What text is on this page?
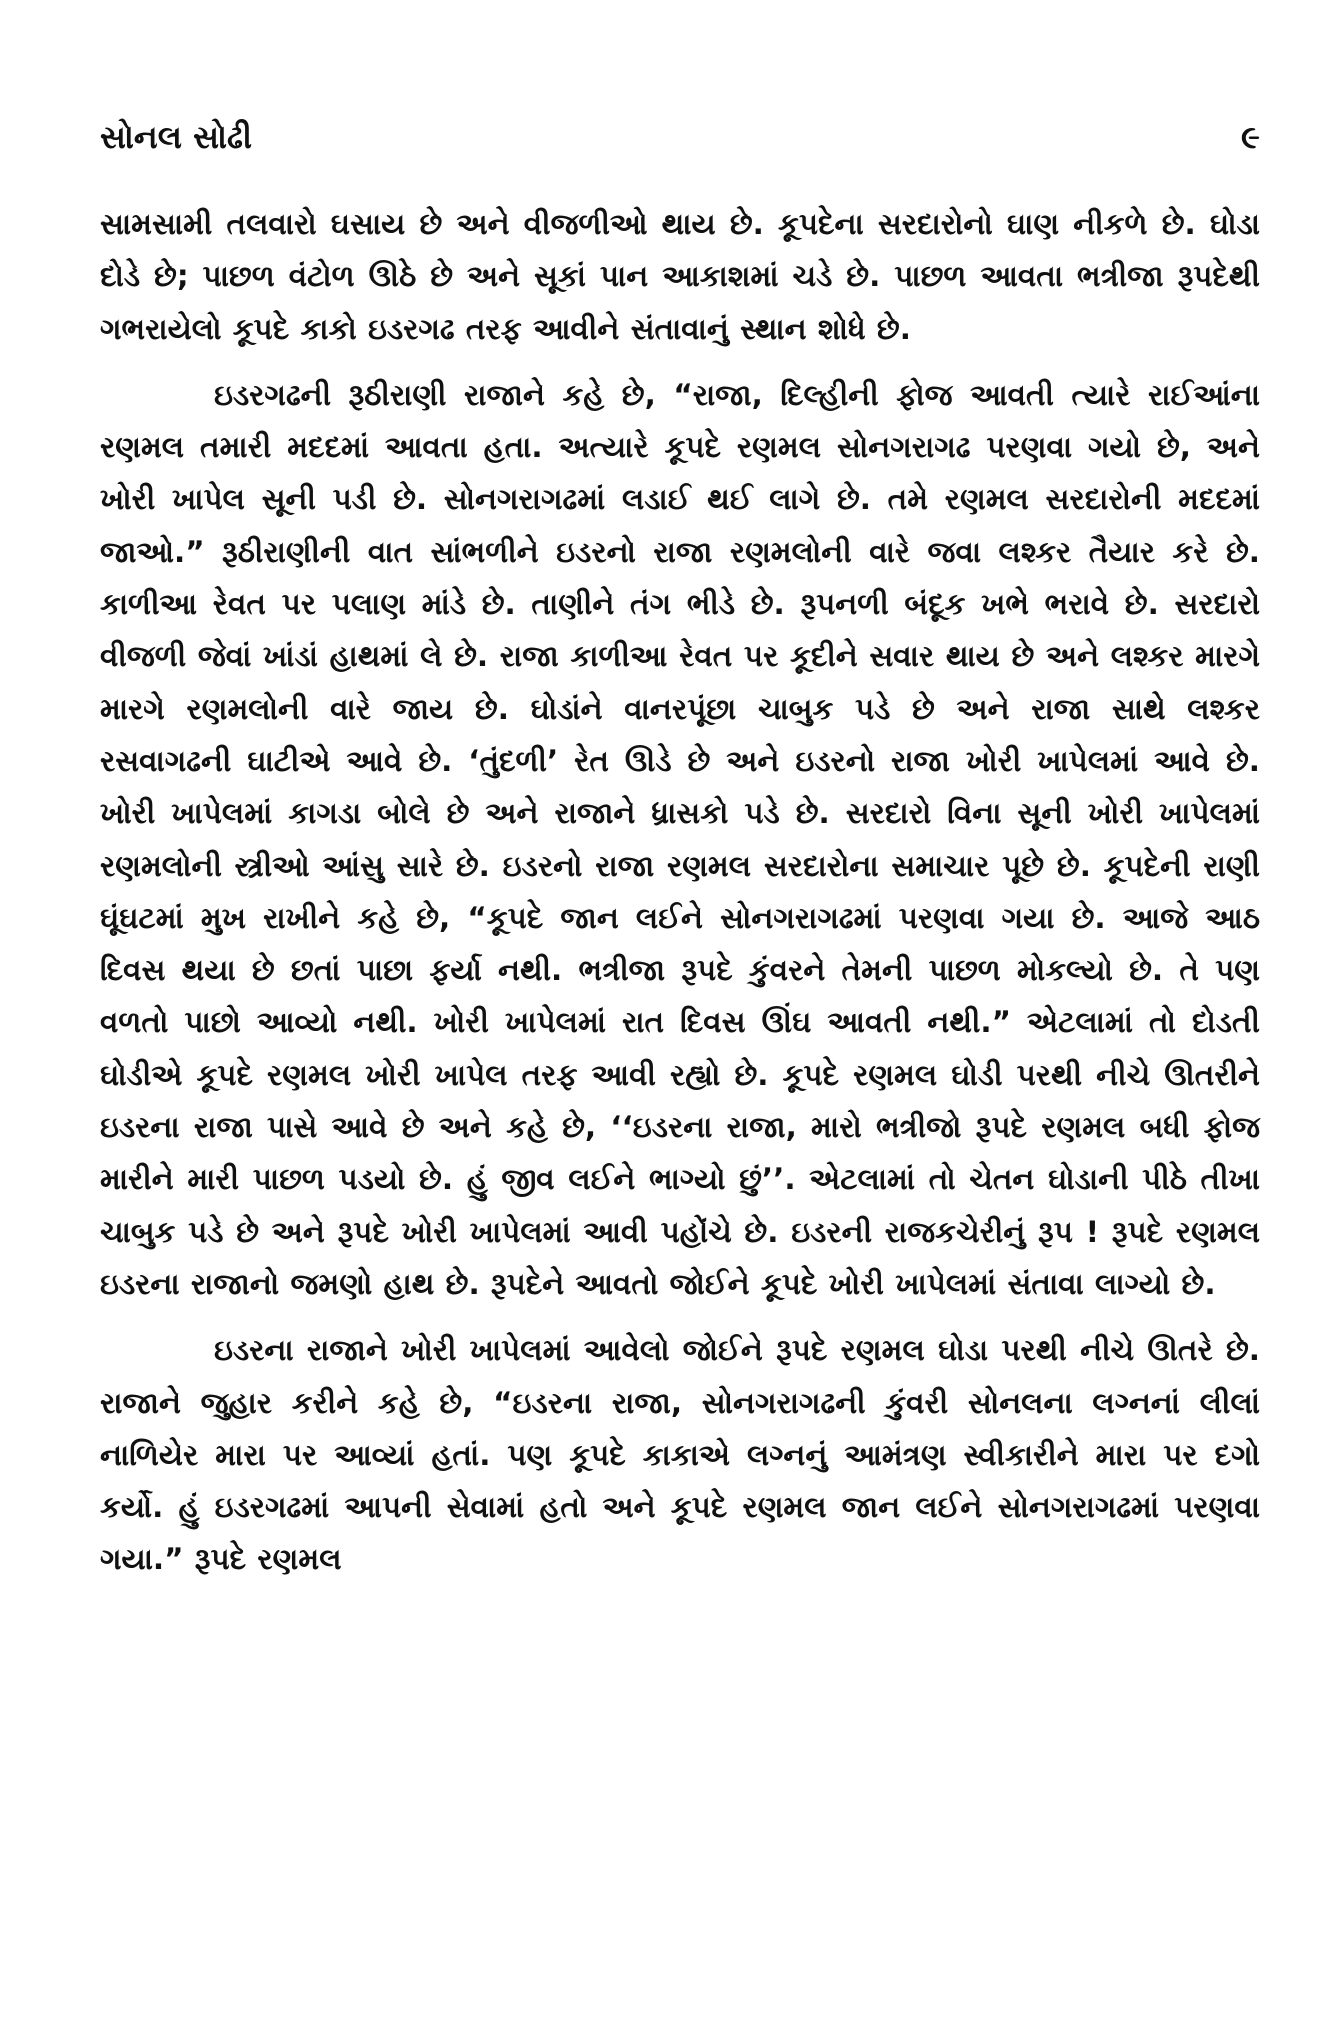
સોનલ સોઢી	૯

સામસામી તલવારો ઘસાય છે અને વીજળીઓ થાય છે. કૂપદેના સરદારોનો ઘાણ નીકળે છે. ઘોડા દોડે છે; પાછળ વંટોળ ઊઠે છે અને સૂકાં પાન આકાશમાં ચડે છે. પાછળ આવતા ભત્રીજા રૂપદેથી ગભરાયેલો કૂપદે કાકો ઇડરગઢ તરફ આવીને સંતાવાનું સ્થાન શોધે છે.

ઇડરગઢની રૂઠીરાણી રાજાને કહે છે, “રાજા, દિલ્હીની ફોજ આવતી ત્યારે રાઈઆંના રણમલ તમારી મદદમાં આવતા હતા. અત્યારે કૂપદે રણમલ સોનગરાગઢ પરણવા ગયો છે, અને ખોરી ખાપેલ સૂની પડી છે. સોનગરાગઢમાં લડાઈ થઈ લાગે છે. તમે રણમલ સરદારોની મદદમાં જાઓ.” રૂઠીરાણીની વાત સાંભળીને ઇડરનો રાજા રણમલોની વારે જવા લશ્કર તૈયાર કરે છે. કાળીઆ રેવત પર પલાણ માંડે છે. તાણીને તંગ ભીડે છે. રૂપનળી બંદૂક ખભે ભરાવે છે. સરદારો વીજળી જેવાં ખાંડાં હાથમાં લે છે. રાજા કાળીઆ રેવત પર કૂદીને સવાર થાય છે અને લશ્કર મારગે મારગે રણમલોની વારે જાય છે. ઘોડાંને વાનરપૂંછા ચાબુક પડે છે અને રાજા સાથે લશ્કર રસવાગઢની ઘાટીએ આવે છે. ‘તુંદળી’ રેત ઊડે છે અને ઇડરનો રાજા ખોરી ખાપેલમાં આવે છે. ખોરી ખાપેલમાં કાગડા બોલે છે અને રાજાને ધ્રાસકો પડે છે. સરદારો વિના સૂની ખોરી ખાપેલમાં રણમલોની સ્ત્રીઓ આંસુ સારે છે. ઇડરનો રાજા રણમલ સરદારોના સમાચાર પૂછે છે. કૂપદેની રાણી ઘૂંઘટમાં મુખ રાખીને કહે છે, “કૂપદે જાન લઈને સોનગરાગઢમાં પરણવા ગયા છે. આજે આઠ દિવસ થયા છે છતાં પાછા ફર્યા નથી. ભત્રીજા રૂપદે કુંવરને તેમની પાછળ મોકલ્યો છે. તે પણ વળતો પાછો આવ્યો નથી. ખોરી ખાપેલમાં રાત દિવસ ઊંઘ આવતી નથી.” એટલામાં તો દોડતી ઘોડીએ કૂપદે રણમલ ખોરી ખાપેલ તરફ આવી રહ્યો છે. કૂપદે રણમલ ઘોડી પરથી નીચે ઊતરીને ઇડરના રાજા પાસે આવે છે અને કહે છે, ‘‘ઇડરના રાજા, મારો ભત્રીજો રૂપદે રણમલ બધી ફોજ મારીને મારી પાછળ પડયો છે. હું જીવ લઈને ભાગ્યો છું’’. એટલામાં તો ચેતન ઘોડાની પીઠે તીખા ચાબુક પડે છે અને રૂપદે ખોરી ખાપેલમાં આવી પહોંચે છે. ઇડરની રાજકચેરીનું રૂપ ! રૂપદે રણમલ ઇડરના રાજાનો જમણો હાથ છે. રૂપદેને આવતો જોઈને કૂપદે ખોરી ખાપેલમાં સંતાવા લાગ્યો છે.

ઇડરના રાજાને ખોરી ખાપેલમાં આવેલો જોઈને રૂપદે રણમલ ઘોડા પરથી નીચે ઊતરે છે. રાજાને જુહાર કરીને કહે છે, “ઇડરના રાજા, સોનગરાગઢની કુંવરી સોનલના લગ્નનાં લીલાં નાળિયેર મારા પર આવ્યાં હતાં. પણ કૂપદે કાકાએ લગ્નનું આમંત્રણ સ્વીકારીને મારા પર દગો કર્યો. હું ઇડરગઢમાં આપની સેવામાં હતો અને કૂપદે રણમલ જાન લઈને સોનગરાગઢમાં પરણવા ગયા.” રૂપદે રણમલ
